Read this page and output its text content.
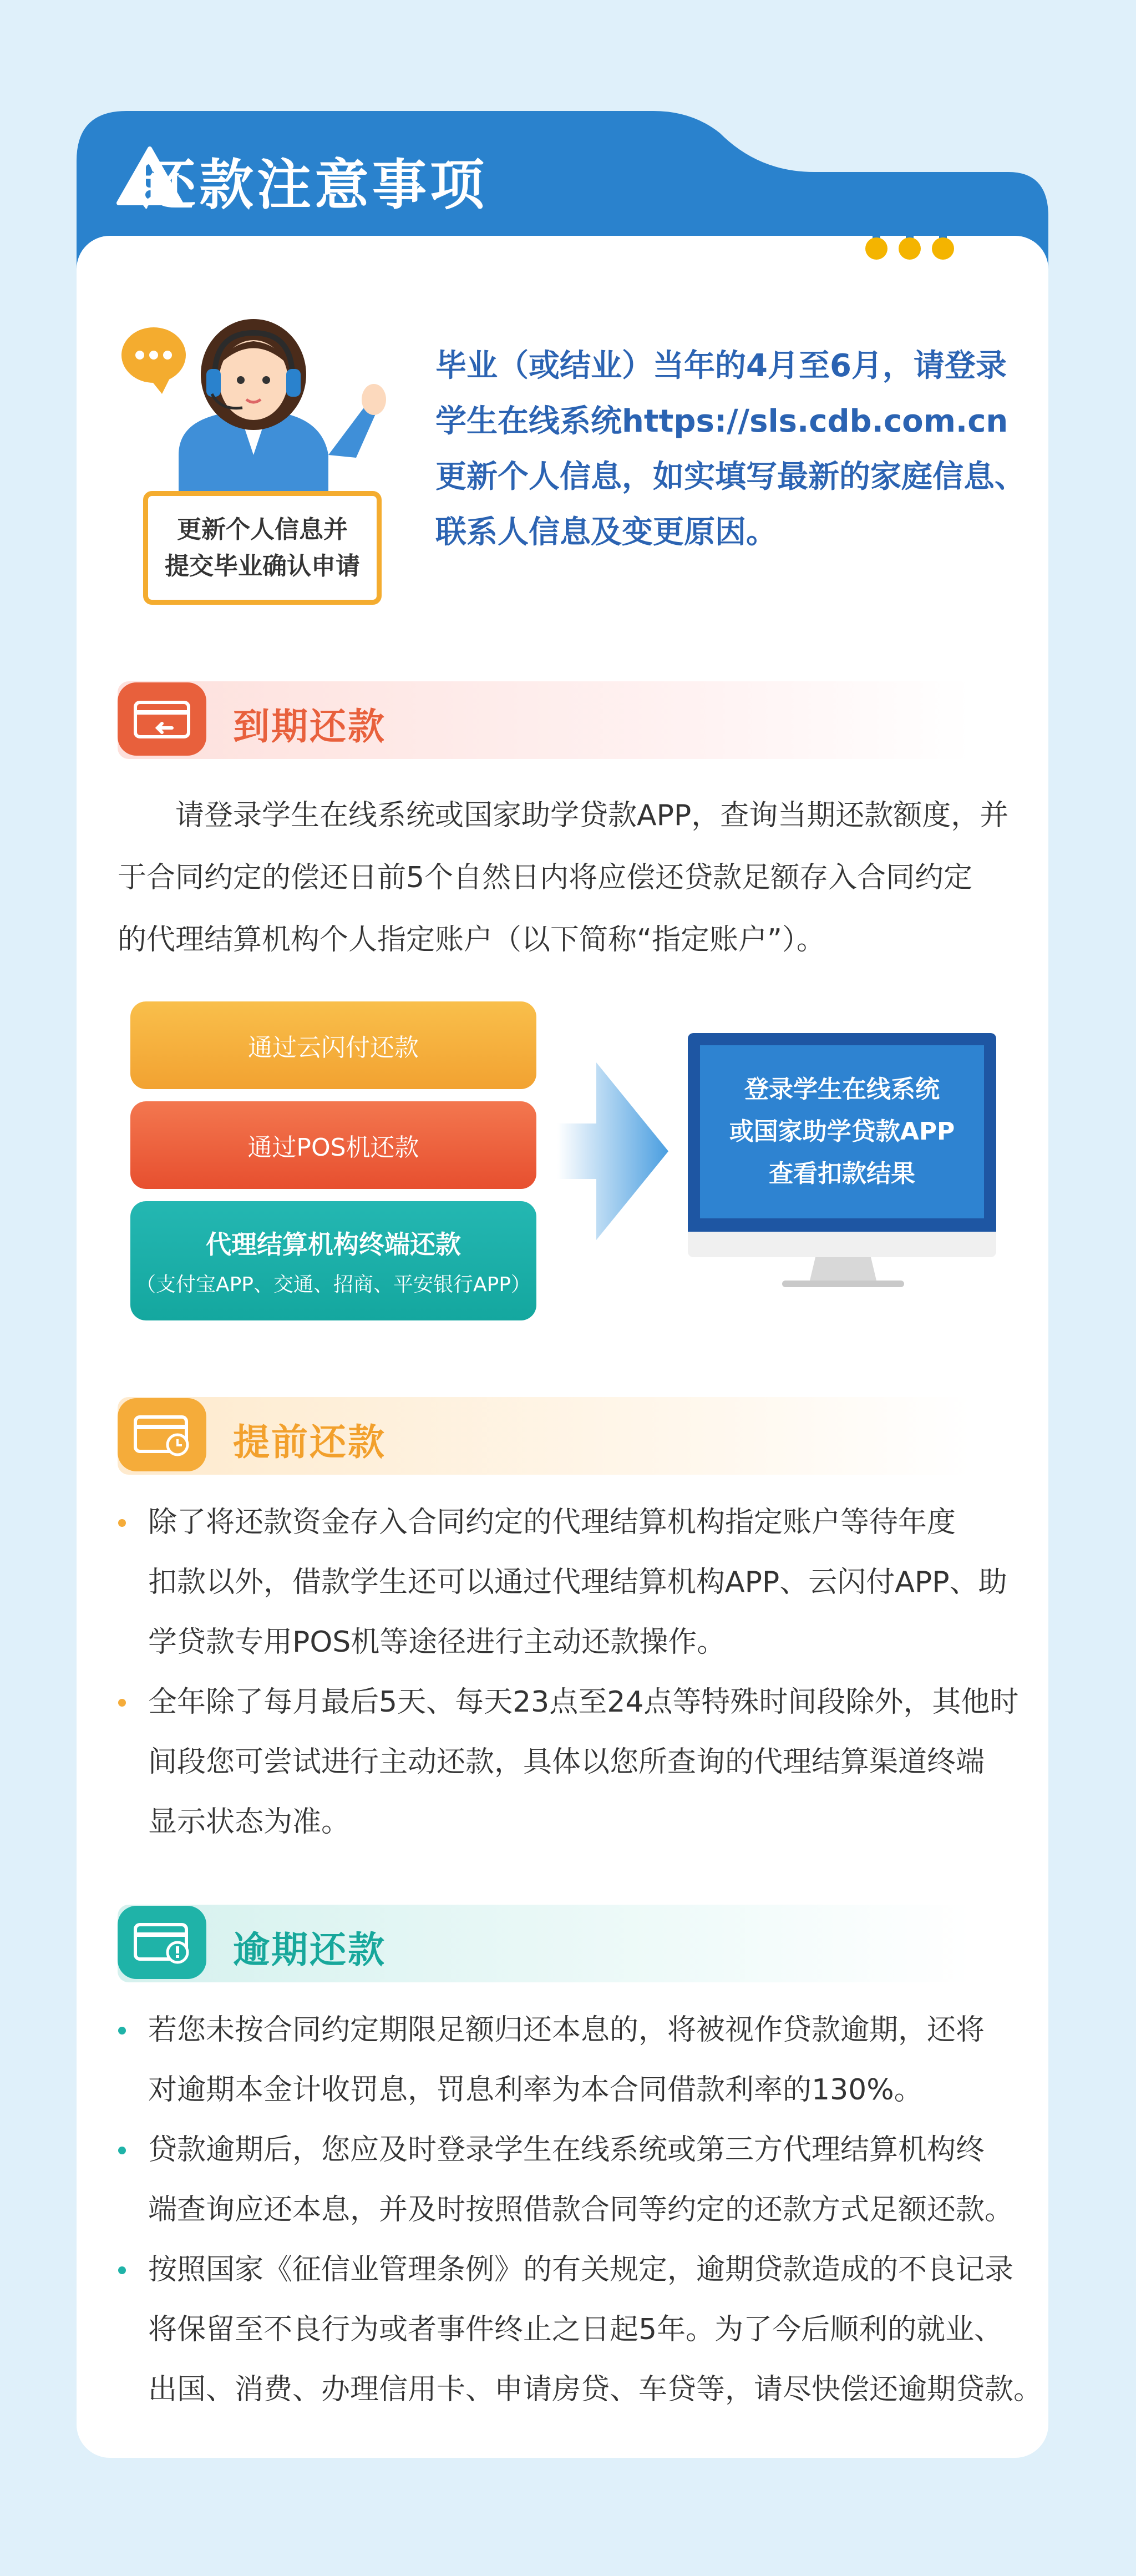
还款注意事项
更新个人信息并
提交毕业确认申请
毕业（或结业）当年的4月至6月，请登录
学生在线系统https://sls.cdb.com.cn
更新个人信息，如实填写最新的家庭信息、
联系人信息及变更原因。
到期还款
　　请登录学生在线系统或国家助学贷款APP，查询当期还款额度，并
于合同约定的偿还日前5个自然日内将应偿还贷款足额存入合同约定
的代理结算机构个人指定账户（以下简称“指定账户”）。
通过云闪付还款
通过POS机还款
代理结算机构终端还款
（支付宝APP、交通、招商、平安银行APP）
登录学生在线系统
或国家助学贷款APP
查看扣款结果
提前还款
除了将还款资金存入合同约定的代理结算机构指定账户等待年度
扣款以外，借款学生还可以通过代理结算机构APP、云闪付APP、助
学贷款专用POS机等途径进行主动还款操作。
全年除了每月最后5天、每天23点至24点等特殊时间段除外，其他时
间段您可尝试进行主动还款，具体以您所查询的代理结算渠道终端
显示状态为准。
逾期还款
若您未按合同约定期限足额归还本息的，将被视作贷款逾期，还将
对逾期本金计收罚息，罚息利率为本合同借款利率的130%。
贷款逾期后，您应及时登录学生在线系统或第三方代理结算机构终
端查询应还本息，并及时按照借款合同等约定的还款方式足额还款。
按照国家《征信业管理条例》的有关规定，逾期贷款造成的不良记录
将保留至不良行为或者事件终止之日起5年。为了今后顺利的就业、
出国、消费、办理信用卡、申请房贷、车贷等，请尽快偿还逾期贷款。
